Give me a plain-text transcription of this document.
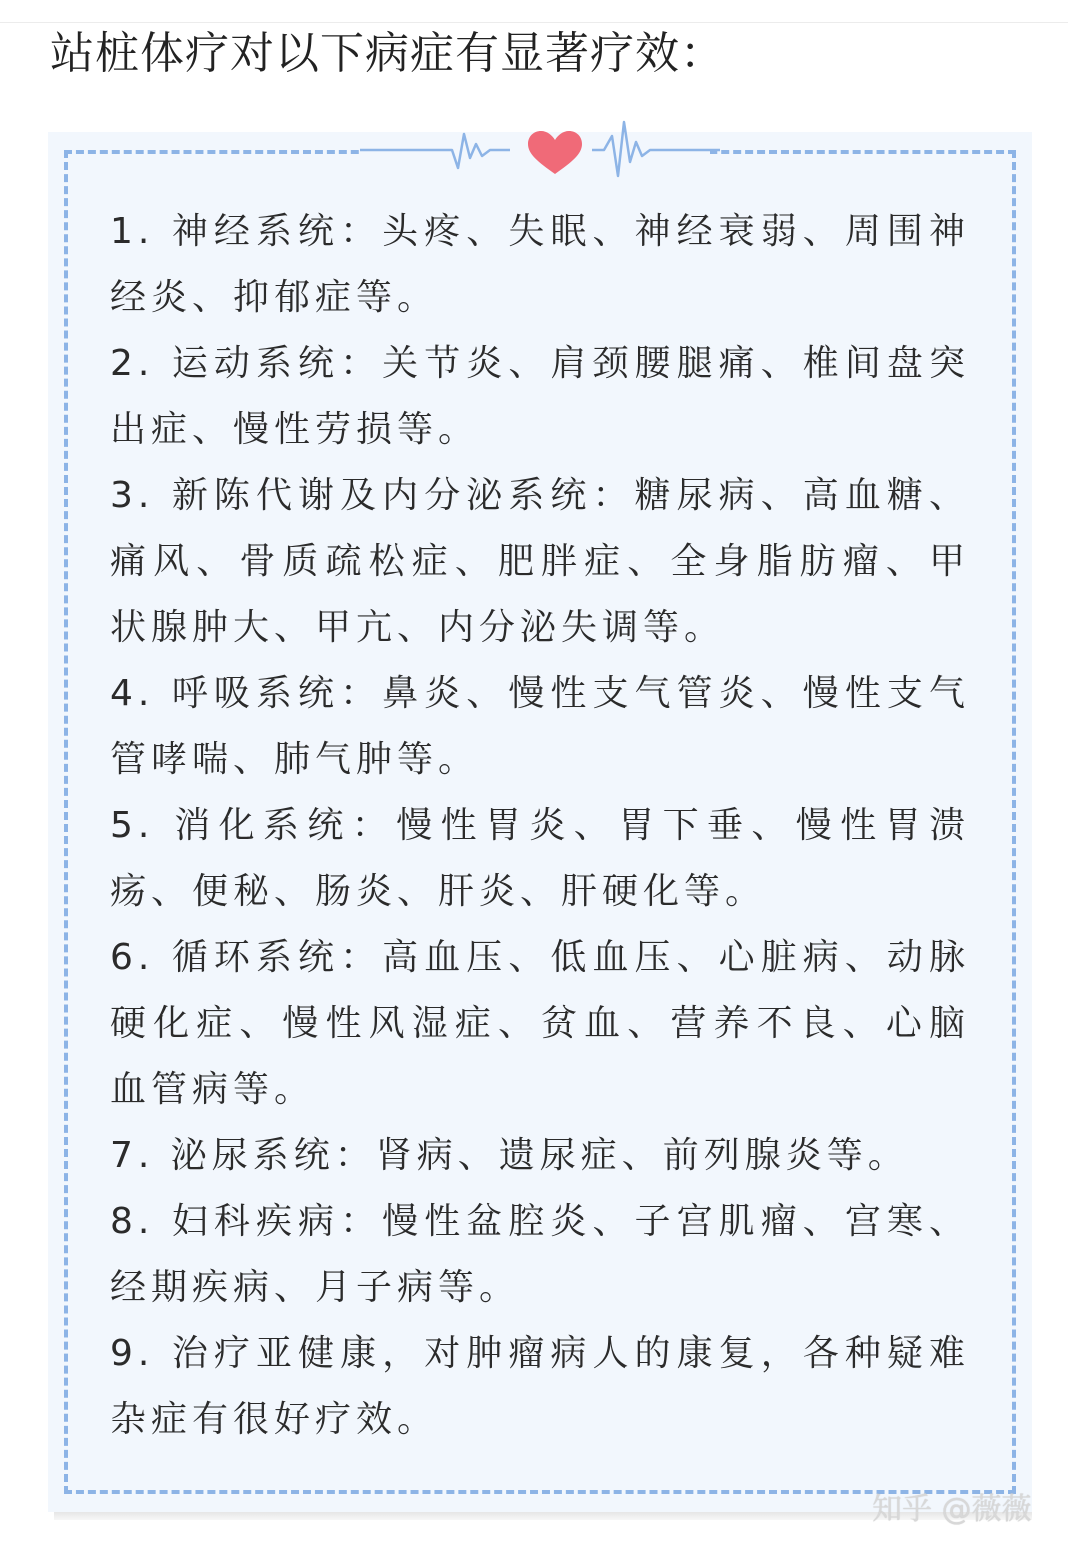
站桩体疗对以下病症有显著疗效：
1. 神经系统：头疼、失眠、神经衰弱、周围神经炎、抑郁症等。
2. 运动系统：关节炎、肩颈腰腿痛、椎间盘突出症、慢性劳损等。
3. 新陈代谢及内分泌系统：糖尿病、高血糖、痛风、骨质疏松症、肥胖症、全身脂肪瘤、甲状腺肿大、甲亢、内分泌失调等。
4. 呼吸系统：鼻炎、慢性支气管炎、慢性支气管哮喘、肺气肿等。
5. 消化系统：慢性胃炎、胃下垂、慢性胃溃疡、便秘、肠炎、肝炎、肝硬化等。
6. 循环系统：高血压、低血压、心脏病、动脉硬化症、慢性风湿症、贫血、营养不良、心脑血管病等。
7. 泌尿系统：肾病、遗尿症、前列腺炎等。
8. 妇科疾病：慢性盆腔炎、子宫肌瘤、宫寒、经期疾病、月子病等。
9. 治疗亚健康，对肿瘤病人的康复，各种疑难杂症有很好疗效。
知乎 @薇薇
